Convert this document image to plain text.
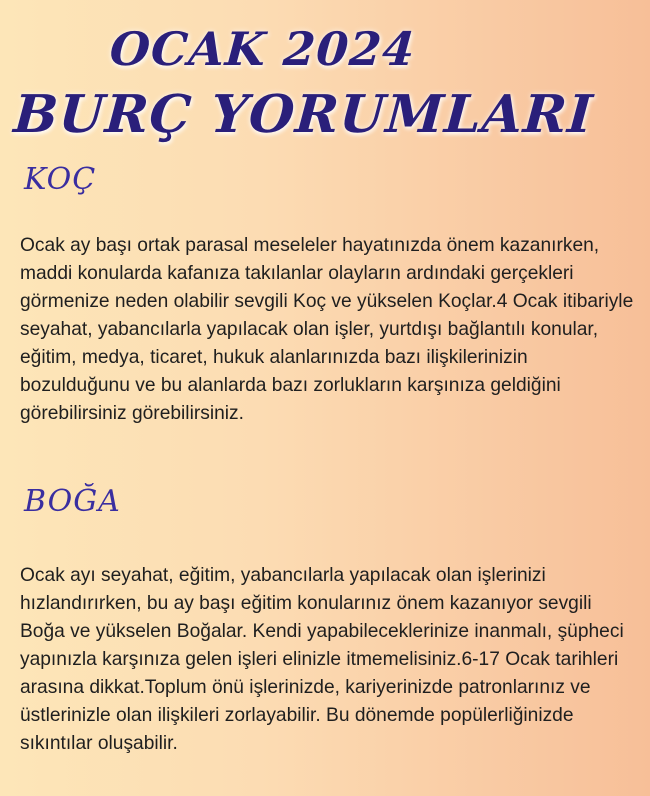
OCAK 2024
BURÇ YORUMLARI
KOÇ

Ocak ay başı ortak parasal meseleler hayatınızda önem kazanırken, maddi konularda kafanıza takılanlar olayların ardındaki gerçekleri görmenize neden olabilir sevgili Koç ve yükselen Koçlar.4 Ocak itibariyle seyahat, yabancılarla yapılacak olan işler, yurtdışı bağlantılı konular, eğitim, medya, ticaret, hukuk alanlarınızda bazı ilişkilerinizin bozulduğunu ve bu alanlarda bazı zorlukların karşınıza geldiğini görebilirsiniz görebilirsiniz.

BOĞA

Ocak ayı seyahat, eğitim, yabancılarla yapılacak olan işlerinizi hızlandırırken, bu ay başı eğitim konularınız önem kazanıyor sevgili Boğa ve yükselen Boğalar. Kendi yapabileceklerinize inanmalı, şüpheci yapınızla karşınıza gelen işleri elinizle itmemelisiniz.6-17 Ocak tarihleri arasına dikkat.Toplum önü işlerinizde, kariyerinizde patronlarınız ve üstlerinizle olan ilişkileri zorlayabilir. Bu dönemde popülerliğinizde sıkıntılar oluşabilir.
